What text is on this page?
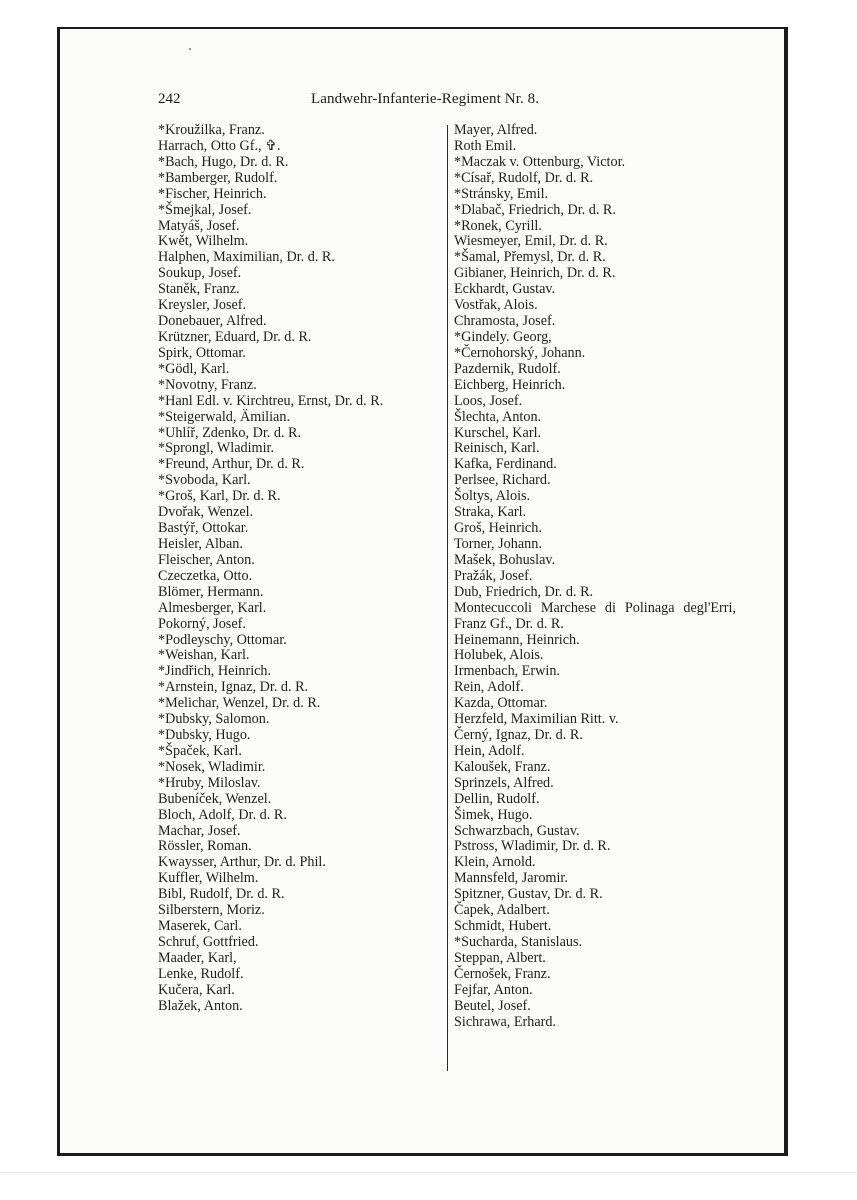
242	Landwehr-Infanterie-Regiment Nr. 8.
*Kroužilka, Franz.
Harrach, Otto Gf., ✞.
*Bach, Hugo, Dr. d. R.
*Bamberger, Rudolf.
*Fischer, Heinrich.
*Šmejkal, Josef.
Matyáš, Josef.
Kwět, Wilhelm.
Halphen, Maximilian, Dr. d. R.
Soukup, Josef.
Staněk, Franz.
Kreysler, Josef.
Donebauer, Alfred.
Krützner, Eduard, Dr. d. R.
Spirk, Ottomar.
*Gödl, Karl.
*Novotny, Franz.
*Hanl Edl. v. Kirchtreu, Ernst, Dr. d. R.
*Steigerwald, Ämilian.
*Uhlíř, Zdenko, Dr. d. R.
*Sprongl, Wladimir.
*Freund, Arthur, Dr. d. R.
*Svoboda, Karl.
*Groš, Karl, Dr. d. R.
Dvořak, Wenzel.
Bastýř, Ottokar.
Heisler, Alban.
Fleischer, Anton.
Czeczetka, Otto.
Blömer, Hermann.
Almesberger, Karl.
Pokorný, Josef.
*Podleyschy, Ottomar.
*Weishan, Karl.
*Jindřich, Heinrich.
*Arnstein, Ignaz, Dr. d. R.
*Melichar, Wenzel, Dr. d. R.
*Dubsky, Salomon.
*Dubsky, Hugo.
*Špaček, Karl.
*Nosek, Wladimir.
*Hruby, Miloslav.
Bubeníček, Wenzel.
Bloch, Adolf, Dr. d. R.
Machar, Josef.
Rössler, Roman.
Kwaysser, Arthur, Dr. d. Phil.
Kuffler, Wilhelm.
Bibl, Rudolf, Dr. d. R.
Silberstern, Moriz.
Maserek, Carl.
Schruf, Gottfried.
Maader, Karl,
Lenke, Rudolf.
Kučera, Karl.
Blažek, Anton.
Mayer, Alfred.
Roth Emil.
*Maczak v. Ottenburg, Victor.
*Císař, Rudolf, Dr. d. R.
*Stránsky, Emil.
*Dlabač, Friedrich, Dr. d. R.
*Ronek, Cyrill.
Wiesmeyer, Emil, Dr. d. R.
*Šamal, Přemysl, Dr. d. R.
Gibianer, Heinrich, Dr. d. R.
Eckhardt, Gustav.
Vostřak, Alois.
Chramosta, Josef.
*Gindely. Georg,
*Černohorský, Johann.
Pazdernik, Rudolf.
Eichberg, Heinrich.
Loos, Josef.
Šlechta, Anton.
Kurschel, Karl.
Reinisch, Karl.
Kafka, Ferdinand.
Perlsee, Richard.
Šoltys, Alois.
Straka, Karl.
Groš, Heinrich.
Torner, Johann.
Mašek, Bohuslav.
Pražák, Josef.
Dub, Friedrich, Dr. d. R.
Montecuccoli Marchese di Polinaga degl'Erri, Franz Gf., Dr. d. R.
Heinemann, Heinrich.
Holubek, Alois.
Irmenbach, Erwin.
Rein, Adolf.
Kazda, Ottomar.
Herzfeld, Maximilian Ritt. v.
Černý, Ignaz, Dr. d. R.
Hein, Adolf.
Kaloušek, Franz.
Sprinzels, Alfred.
Dellin, Rudolf.
Šimek, Hugo.
Schwarzbach, Gustav.
Pstross, Wladimir, Dr. d. R.
Klein, Arnold.
Mannsfeld, Jaromir.
Spitzner, Gustav, Dr. d. R.
Čapek, Adalbert.
Schmidt, Hubert.
*Sucharda, Stanislaus.
Steppan, Albert.
Černošek, Franz.
Fejfar, Anton.
Beutel, Josef.
Sichrawa, Erhard.
